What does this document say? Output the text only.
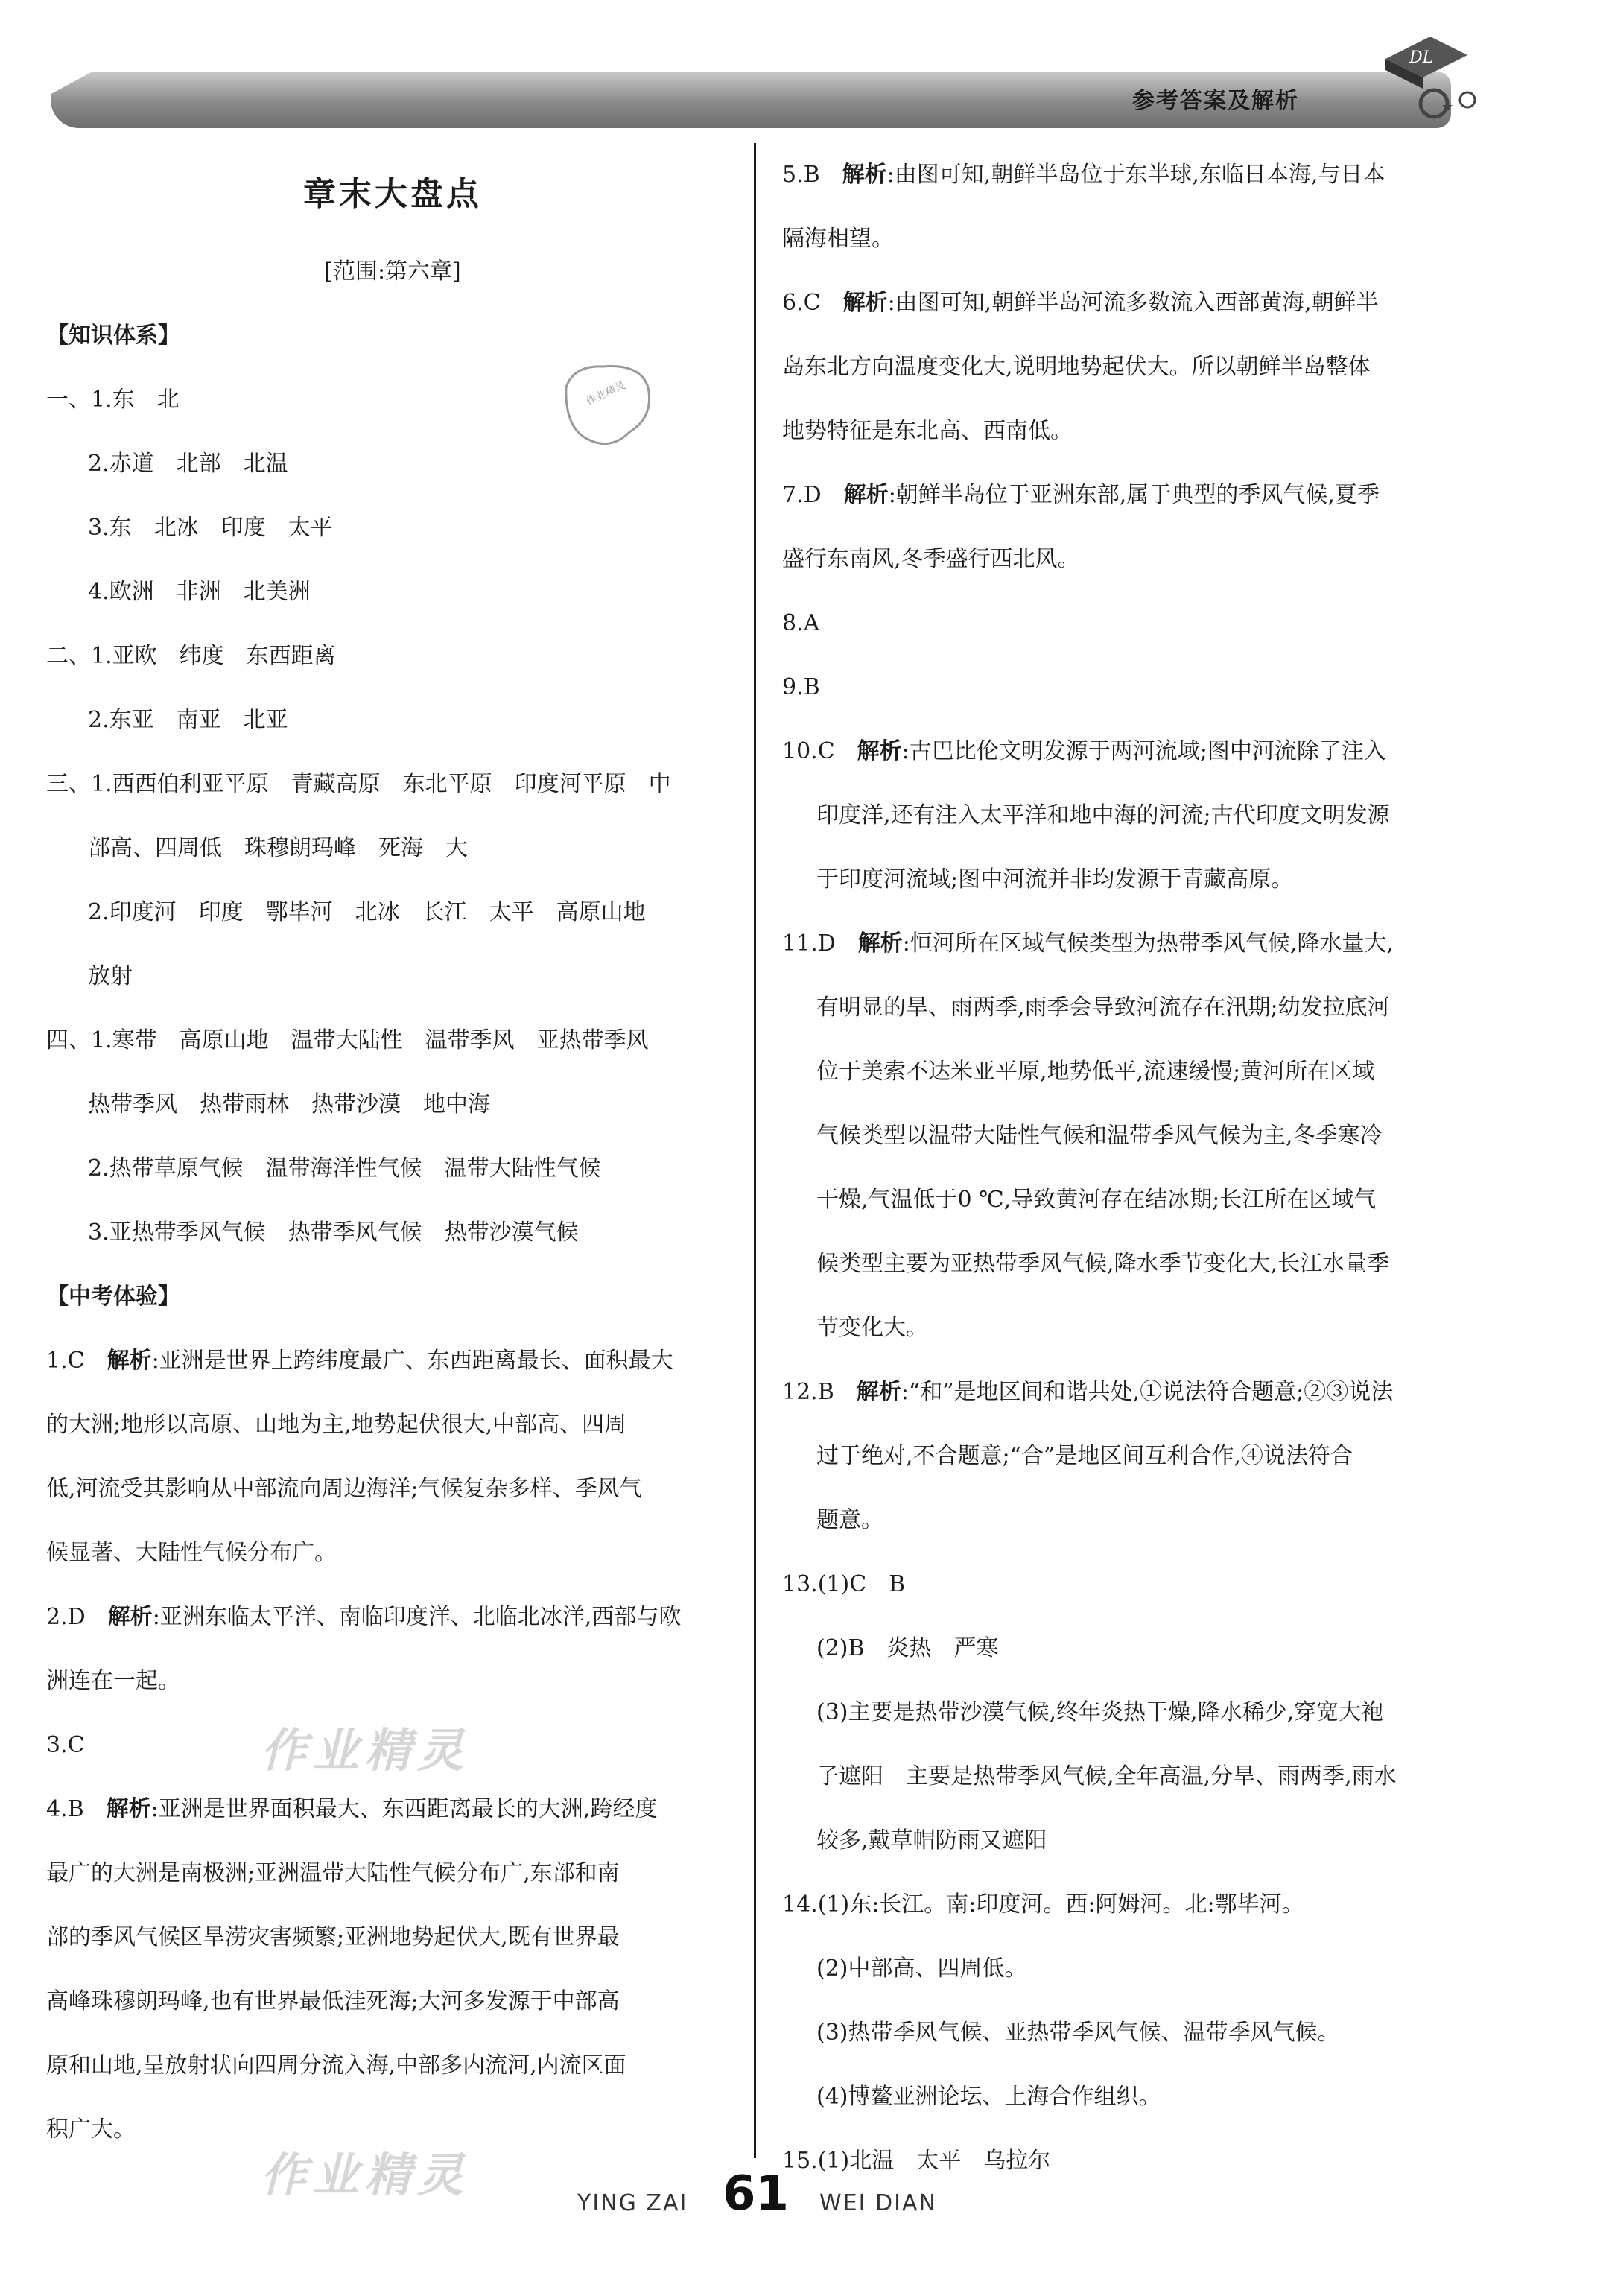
参考答案及解析
DL
★
作业精灵
章末大盘点
[范围:第六章]
【知识体系】
一、1.东　北
2.赤道　北部　北温
3.东　北冰　印度　太平
4.欧洲　非洲　北美洲
二、1.亚欧　纬度　东西距离
2.东亚　南亚　北亚
三、1.西西伯利亚平原　青藏高原　东北平原　印度河平原　中
部高、四周低　珠穆朗玛峰　死海　大
2.印度河　印度　鄂毕河　北冰　长江　太平　高原山地
放射
四、1.寒带　高原山地　温带大陆性　温带季风　亚热带季风
热带季风　热带雨林　热带沙漠　地中海
2.热带草原气候　温带海洋性气候　温带大陆性气候
3.亚热带季风气候　热带季风气候　热带沙漠气候
【中考体验】
1.C 解析:亚洲是世界上跨纬度最广、东西距离最长、面积最大
的大洲;地形以高原、山地为主,地势起伏很大,中部高、四周
低,河流受其影响从中部流向周边海洋;气候复杂多样、季风气
候显著、大陆性气候分布广。
2.D 解析:亚洲东临太平洋、南临印度洋、北临北冰洋,西部与欧
洲连在一起。
3.C
4.B 解析:亚洲是世界面积最大、东西距离最长的大洲,跨经度
最广的大洲是南极洲;亚洲温带大陆性气候分布广,东部和南
部的季风气候区旱涝灾害频繁;亚洲地势起伏大,既有世界最
高峰珠穆朗玛峰,也有世界最低洼死海;大河多发源于中部高
原和山地,呈放射状向四周分流入海,中部多内流河,内流区面
积广大。
作业精灵
作业精灵
5.B 解析:由图可知,朝鲜半岛位于东半球,东临日本海,与日本
隔海相望。
6.C 解析:由图可知,朝鲜半岛河流多数流入西部黄海,朝鲜半
岛东北方向温度变化大,说明地势起伏大。所以朝鲜半岛整体
地势特征是东北高、西南低。
7.D 解析:朝鲜半岛位于亚洲东部,属于典型的季风气候,夏季
盛行东南风,冬季盛行西北风。
8.A
9.B
10.C 解析:古巴比伦文明发源于两河流域;图中河流除了注入
印度洋,还有注入太平洋和地中海的河流;古代印度文明发源
于印度河流域;图中河流并非均发源于青藏高原。
11.D 解析:恒河所在区域气候类型为热带季风气候,降水量大,
有明显的旱、雨两季,雨季会导致河流存在汛期;幼发拉底河
位于美索不达米亚平原,地势低平,流速缓慢;黄河所在区域
气候类型以温带大陆性气候和温带季风气候为主,冬季寒冷
干燥,气温低于0 ℃,导致黄河存在结冰期;长江所在区域气
候类型主要为亚热带季风气候,降水季节变化大,长江水量季
节变化大。
12.B 解析:“和”是地区间和谐共处,①说法符合题意;②③说法
过于绝对,不合题意;“合”是地区间互利合作,④说法符合
题意。
13.(1)C　B
(2)B　炎热　严寒
(3)主要是热带沙漠气候,终年炎热干燥,降水稀少,穿宽大袍
子遮阳　主要是热带季风气候,全年高温,分旱、雨两季,雨水
较多,戴草帽防雨又遮阳
14.(1)东:长江。南:印度河。西:阿姆河。北:鄂毕河。
(2)中部高、四周低。
(3)热带季风气候、亚热带季风气候、温带季风气候。
(4)博鳌亚洲论坛、上海合作组织。
15.(1)北温　太平　乌拉尔
YING ZAI 61 WEI DIAN
